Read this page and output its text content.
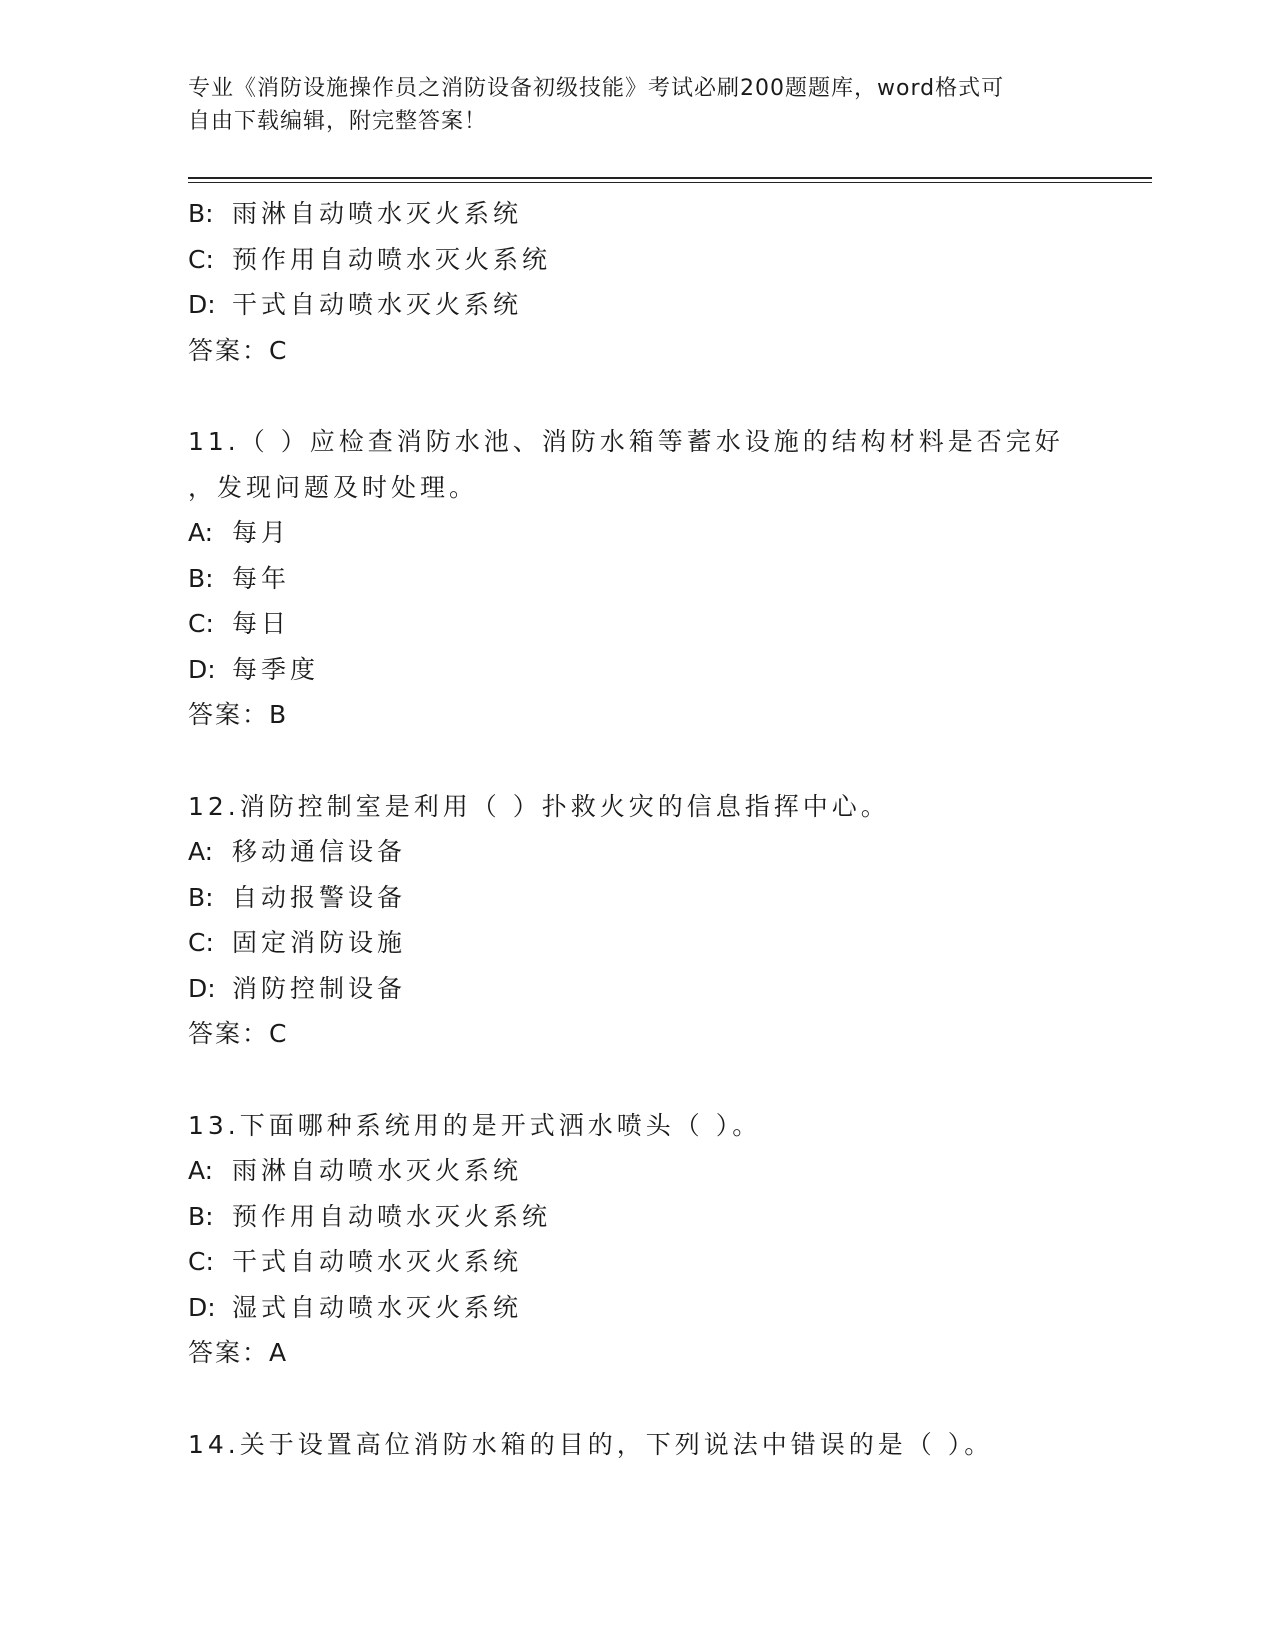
专业《消防设施操作员之消防设备初级技能》考试必刷200题题库，word格式可
自由下载编辑，附完整答案！
B: 雨淋自动喷水灭火系统
C: 预作用自动喷水灭火系统
D: 干式自动喷水灭火系统
答案：C
11.（ ）应检查消防水池、消防水箱等蓄水设施的结构材料是否完好
，发现问题及时处理。
A: 每月
B: 每年
C: 每日
D: 每季度
答案：B
12.消防控制室是利用（ ）扑救火灾的信息指挥中心。
A: 移动通信设备
B: 自动报警设备
C: 固定消防设施
D: 消防控制设备
答案：C
13.下面哪种系统用的是开式洒水喷头（ ）。
A: 雨淋自动喷水灭火系统
B: 预作用自动喷水灭火系统
C: 干式自动喷水灭火系统
D: 湿式自动喷水灭火系统
答案：A
14.关于设置高位消防水箱的目的，下列说法中错误的是（ ）。
